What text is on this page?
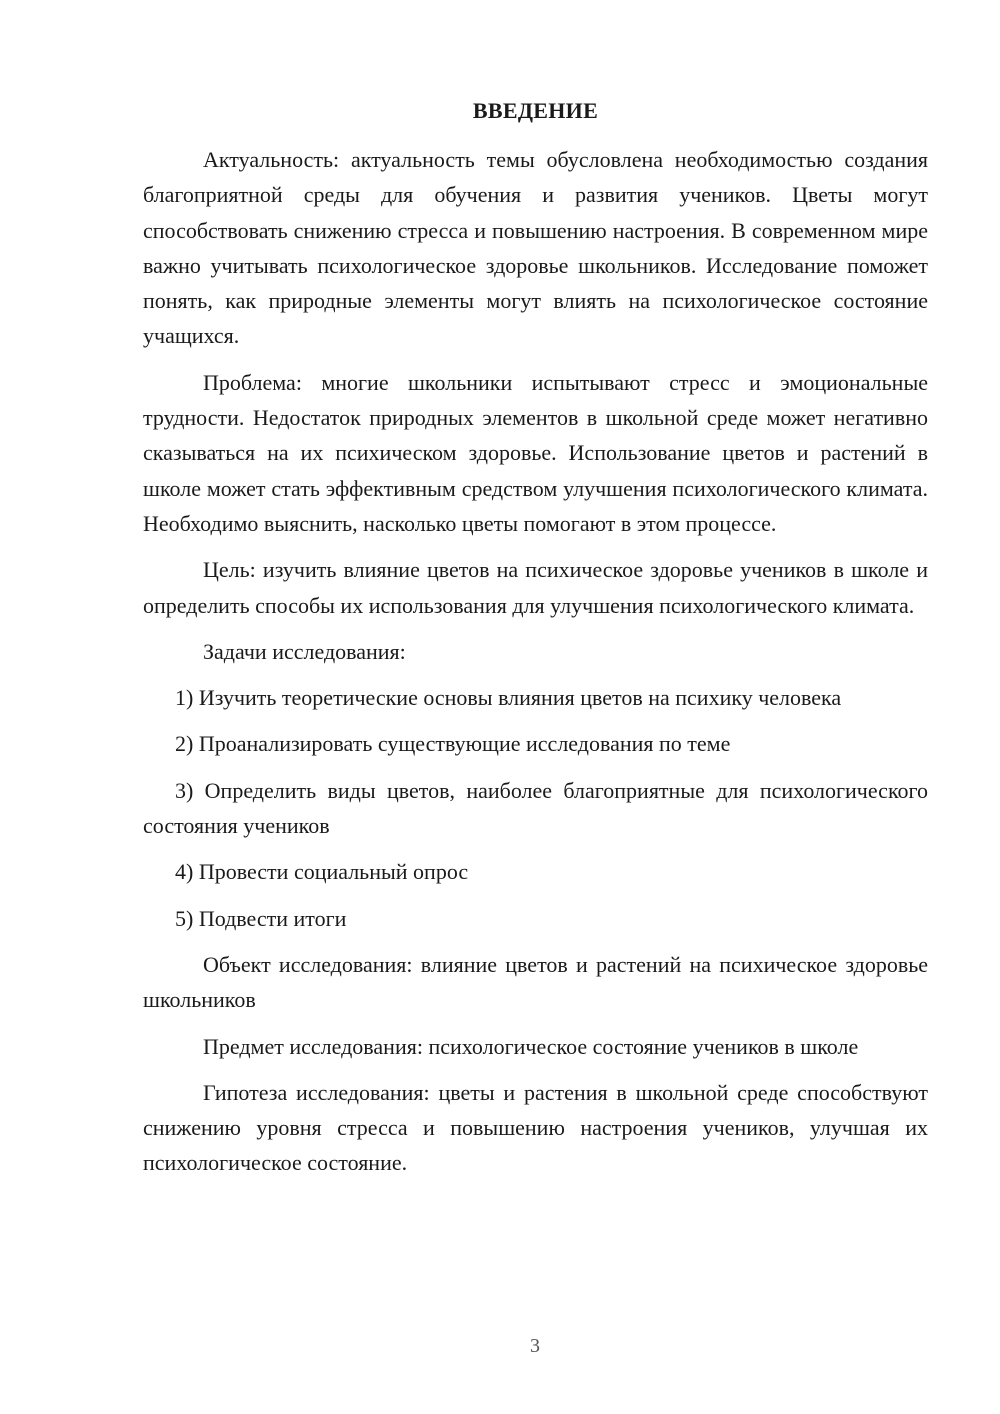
ВВЕДЕНИЕ

Актуальность: актуальность темы обусловлена необходимостью создания благоприятной среды для обучения и развития учеников. Цветы могут способствовать снижению стресса и повышению настроения. В современном мире важно учитывать психологическое здоровье школьников. Исследование поможет понять, как природные элементы могут влиять на психологическое состояние учащихся.

Проблема: многие школьники испытывают стресс и эмоциональные трудности. Недостаток природных элементов в школьной среде может негативно сказываться на их психическом здоровье. Использование цветов и растений в школе может стать эффективным средством улучшения психологического климата. Необходимо выяснить, насколько цветы помогают в этом процессе.

Цель: изучить влияние цветов на психическое здоровье учеников в школе и определить способы их использования для улучшения психологического климата.

Задачи исследования:

1) Изучить теоретические основы влияния цветов на психику человека

2) Проанализировать существующие исследования по теме

3) Определить виды цветов, наиболее благоприятные для психологического состояния учеников

4) Провести социальный опрос

5) Подвести итоги

Объект исследования: влияние цветов и растений на психическое здоровье школьников

Предмет исследования: психологическое состояние учеников в школе

Гипотеза исследования: цветы и растения в школьной среде способствуют снижению уровня стресса и повышению настроения учеников, улучшая их психологическое состояние.

3
